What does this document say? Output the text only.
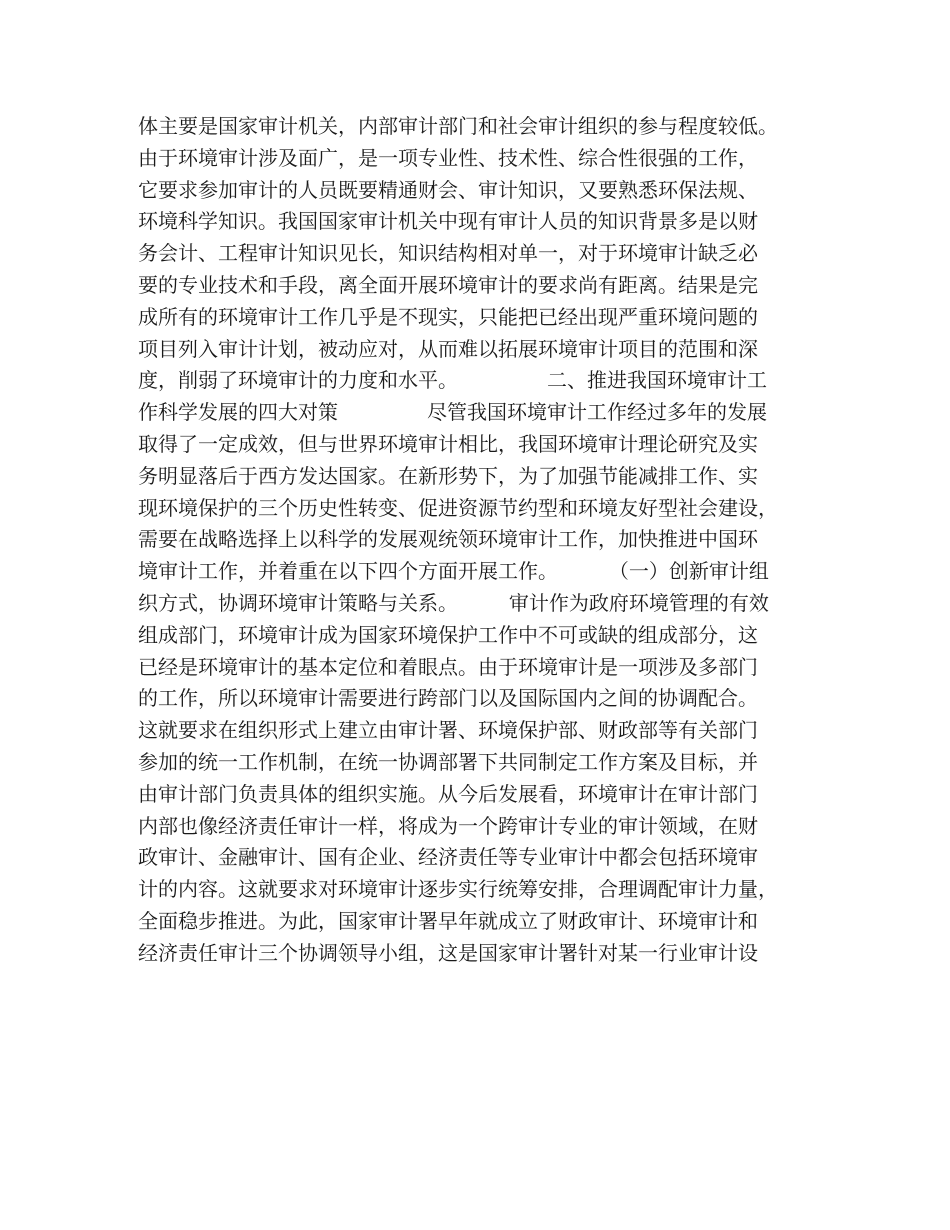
体主要是国家审计机关，内部审计部门和社会审计组织的参与程度较低。
由于环境审计涉及面广，是一项专业性、技术性、综合性很强的工作，
它要求参加审计的人员既要精通财会、审计知识，又要熟悉环保法规、
环境科学知识。我国国家审计机关中现有审计人员的知识背景多是以财
务会计、工程审计知识见长，知识结构相对单一，对于环境审计缺乏必
要的专业技术和手段，离全面开展环境审计的要求尚有距离。结果是完
成所有的环境审计工作几乎是不现实，只能把已经出现严重环境问题的
项目列入审计计划，被动应对，从而难以拓展环境审计项目的范围和深
度，削弱了环境审计的力度和水平。              二、推进我国环境审计工
作科学发展的四大对策              尽管我国环境审计工作经过多年的发展
取得了一定成效，但与世界环境审计相比，我国环境审计理论研究及实
务明显落后于西方发达国家。在新形势下，为了加强节能减排工作、实
现环境保护的三个历史性转变、促进资源节约型和环境友好型社会建设，
需要在战略选择上以科学的发展观统领环境审计工作，加快推进中国环
境审计工作，并着重在以下四个方面开展工作。        （一）创新审计组
织方式，协调环境审计策略与关系。        审计作为政府环境管理的有效
组成部门，环境审计成为国家环境保护工作中不可或缺的组成部分，这
已经是环境审计的基本定位和着眼点。由于环境审计是一项涉及多部门
的工作，所以环境审计需要进行跨部门以及国际国内之间的协调配合。
这就要求在组织形式上建立由审计署、环境保护部、财政部等有关部门
参加的统一工作机制，在统一协调部署下共同制定工作方案及目标，并
由审计部门负责具体的组织实施。从今后发展看，环境审计在审计部门
内部也像经济责任审计一样，将成为一个跨审计专业的审计领域，在财
政审计、金融审计、国有企业、经济责任等专业审计中都会包括环境审
计的内容。这就要求对环境审计逐步实行统筹安排，合理调配审计力量，
全面稳步推进。为此，国家审计署早年就成立了财政审计、环境审计和
经济责任审计三个协调领导小组，这是国家审计署针对某一行业审计设
